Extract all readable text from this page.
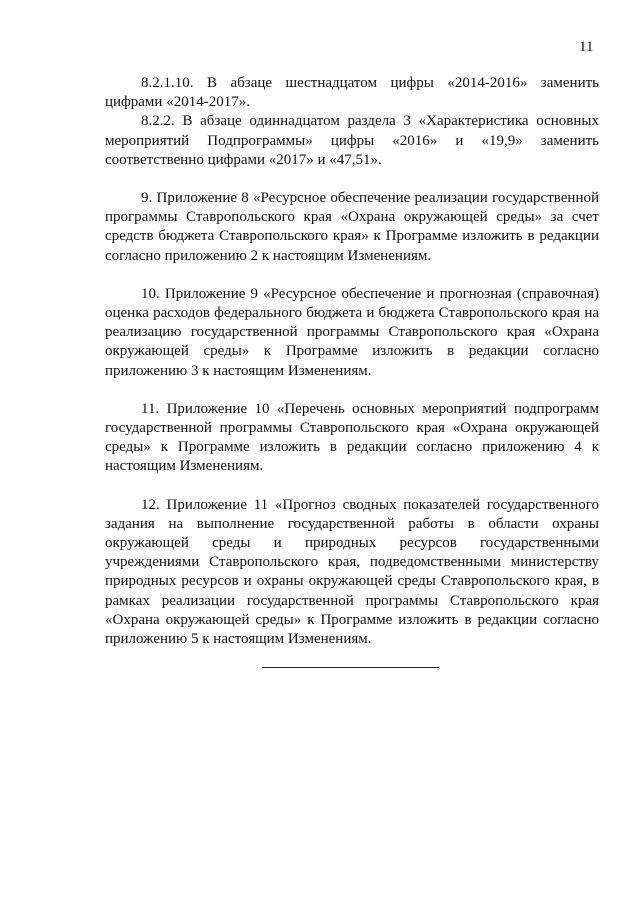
11

8.2.1.10. В абзаце шестнадцатом цифры «2014-2016» заменить цифрами «2014-2017».

8.2.2. В абзаце одиннадцатом раздела 3 «Характеристика основных мероприятий Подпрограммы» цифры «2016» и «19,9» заменить соответственно цифрами «2017» и «47,51».

9. Приложение 8 «Ресурсное обеспечение реализации государственной программы Ставропольского края «Охрана окружающей среды» за счет средств бюджета Ставропольского края» к Программе изложить в редакции согласно приложению 2 к настоящим Изменениям.

10. Приложение 9 «Ресурсное обеспечение и прогнозная (справочная) оценка расходов федерального бюджета и бюджета Ставропольского края на реализацию государственной программы Ставропольского края «Охрана окружающей среды» к Программе изложить в редакции согласно приложению 3 к настоящим Изменениям.

11. Приложение 10 «Перечень основных мероприятий подпрограмм государственной программы Ставропольского края «Охрана окружающей среды» к Программе изложить в редакции согласно приложению 4 к настоящим Изменениям.

12. Приложение 11 «Прогноз сводных показателей государственного задания на выполнение государственной работы в области охраны окружающей среды и природных ресурсов государственными учреждениями Ставропольского края, подведомственными министерству природных ресурсов и охраны окружающей среды Ставропольского края, в рамках реализации государственной программы Ставропольского края «Охрана окружающей среды» к Программе изложить в редакции согласно приложению 5 к настоящим Изменениям.
